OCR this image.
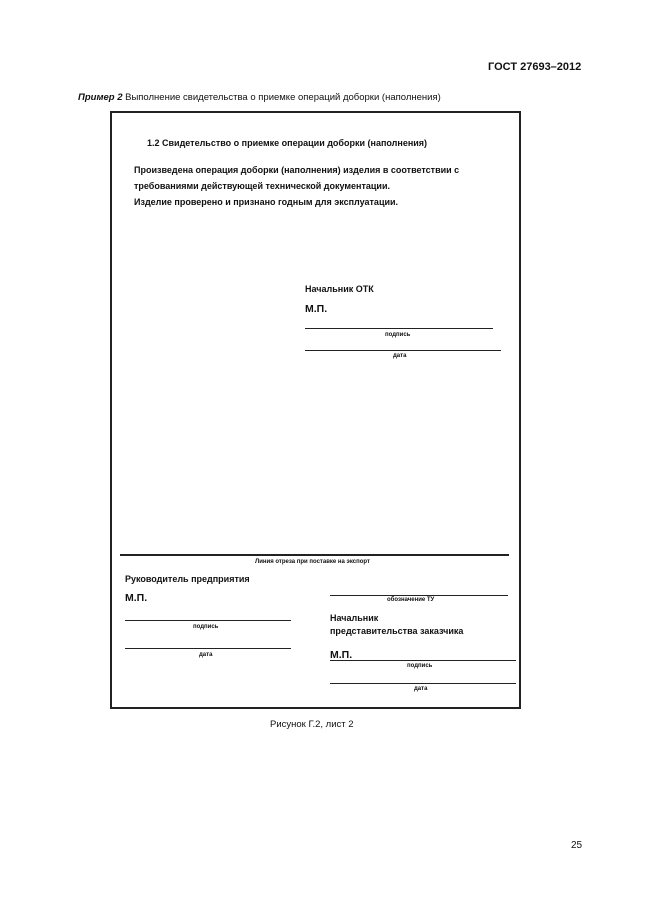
ГОСТ 27693–2012
Пример 2 Выполнение свидетельства о приемке операций доборки (наполнения)
1.2 Свидетельство о приемке операции доборки (наполнения)
Произведена операция доборки (наполнения) изделия в соответствии с
требованиями действующей технической документации.
Изделие проверено и признано годным для эксплуатации.
Начальник ОТК
М.П.
подпись
дата
Линия отреза при поставке на экспорт
Руководитель предприятия
М.П.
подпись
дата
обозначение ТУ
Начальник
представительства заказчика
М.П.
подпись
дата
Рисунок Г.2, лист 2
25
